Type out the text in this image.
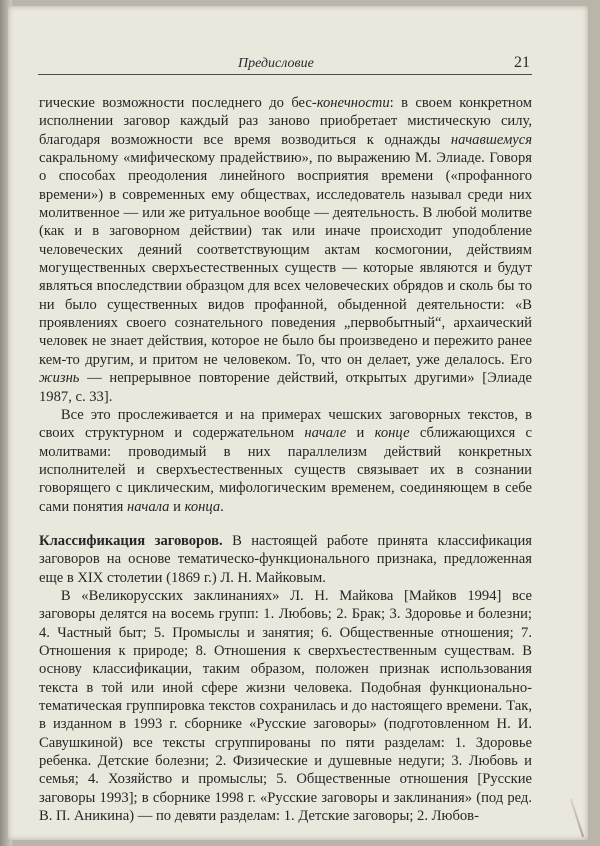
Предисловие	21

гические возможности последнего до бес-конечности: в своем конкретном исполнении заговор каждый раз заново приобретает мистическую силу, благодаря возможности все время возводиться к однажды начавшемуся сакральному «мифическому прадействию», по выражению М. Элиаде. Говоря о способах преодоления линейного восприятия времени («профанного времени») в современных ему обществах, исследователь называл среди них молитвенное — или же ритуальное вообще — деятельность. В любой молитве (как и в заговорном действии) так или иначе происходит уподобление человеческих деяний соответствующим актам космогонии, действиям могущественных сверхъестественных существ — которые являются и будут являться впоследствии образцом для всех человеческих обрядов и сколь бы то ни было существенных видов профанной, обыденной деятельности: «В проявлениях своего сознательного поведения „первобытный“, архаический человек не знает действия, которое не было бы произведено и пережито ранее кем-то другим, и притом не человеком. То, что он делает, уже делалось. Его жизнь — непрерывное повторение действий, открытых другими» [Элиаде 1987, с. 33].

Все это прослеживается и на примерах чешских заговорных текстов, в своих структурном и содержательном начале и конце сближающихся с молитвами: проводимый в них параллелизм действий конкретных исполнителей и сверхъестественных существ связывает их в сознании говорящего с циклическим, мифологическим временем, соединяющем в себе сами понятия начала и конца.

Классификация заговоров. В настоящей работе принята классификация заговоров на основе тематическо-функционального признака, предложенная еще в XIX столетии (1869 г.) Л. Н. Майковым.

В «Великорусских заклинаниях» Л. Н. Майкова [Майков 1994] все заговоры делятся на восемь групп: 1. Любовь; 2. Брак; 3. Здоровье и болезни; 4. Частный быт; 5. Промыслы и занятия; 6. Общественные отношения; 7. Отношения к природе; 8. Отношения к сверхъестественным существам. В основу классификации, таким образом, положен признак использования текста в той или иной сфере жизни человека. Подобная функционально-тематическая группировка текстов сохранилась и до настоящего времени. Так, в изданном в 1993 г. сборнике «Русские заговоры» (подготовленном Н. И. Савушкиной) все тексты сгруппированы по пяти разделам: 1. Здоровье ребенка. Детские болезни; 2. Физические и душевные недуги; 3. Любовь и семья; 4. Хозяйство и промыслы; 5. Общественные отношения [Русские заговоры 1993]; в сборнике 1998 г. «Русские заговоры и заклинания» (под ред. В. П. Аникина) — по девяти разделам: 1. Детские заговоры; 2. Любов-
